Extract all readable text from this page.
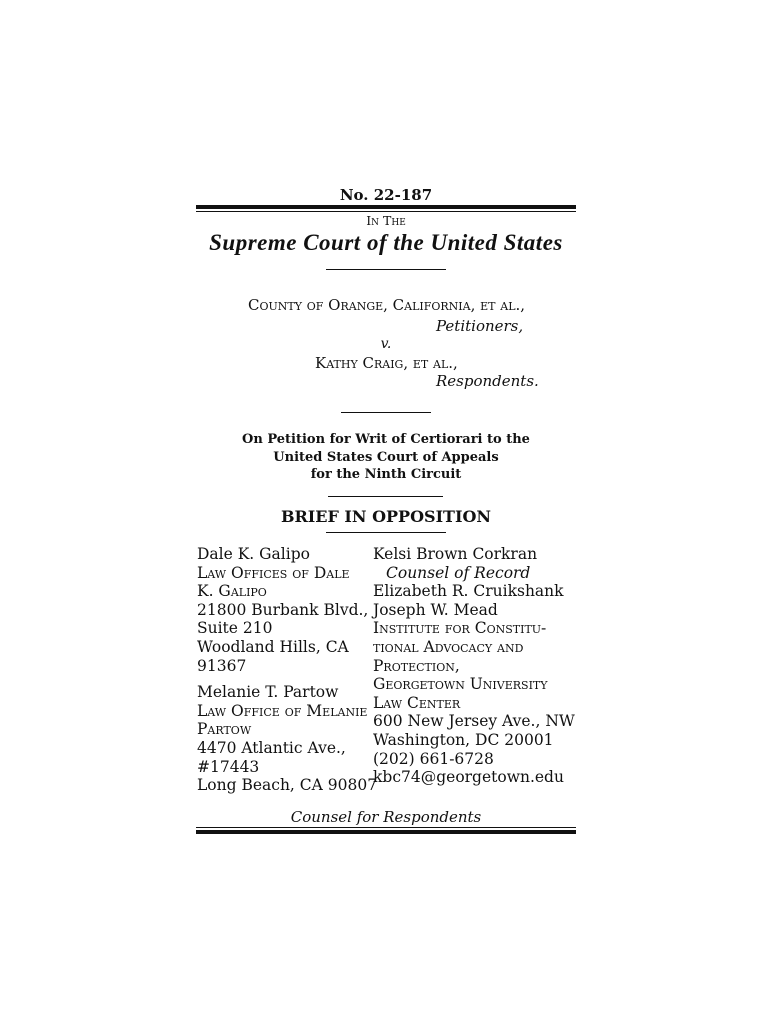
No. 22-187
In The
Supreme Court of the United States
County of Orange, California, et al.,
Petitioners,
v.
Kathy Craig, et al.,
Respondents.
On Petition for Writ of Certiorari to the
United States Court of Appeals
for the Ninth Circuit
BRIEF IN OPPOSITION
Dale K. Galipo
Law Offices of Dale
K. Galipo
21800 Burbank Blvd.,
Suite 210
Woodland Hills, CA
91367
Melanie T. Partow
Law Office of Melanie
Partow
4470 Atlantic Ave.,
#17443
Long Beach, CA 90807
Kelsi Brown Corkran
Counsel of Record
Elizabeth R. Cruikshank
Joseph W. Mead
Institute for Constitu-
tional Advocacy and
Protection,
Georgetown University
Law Center
600 New Jersey Ave., NW
Washington, DC 20001
(202) 661-6728
kbc74@georgetown.edu
Counsel for Respondents
